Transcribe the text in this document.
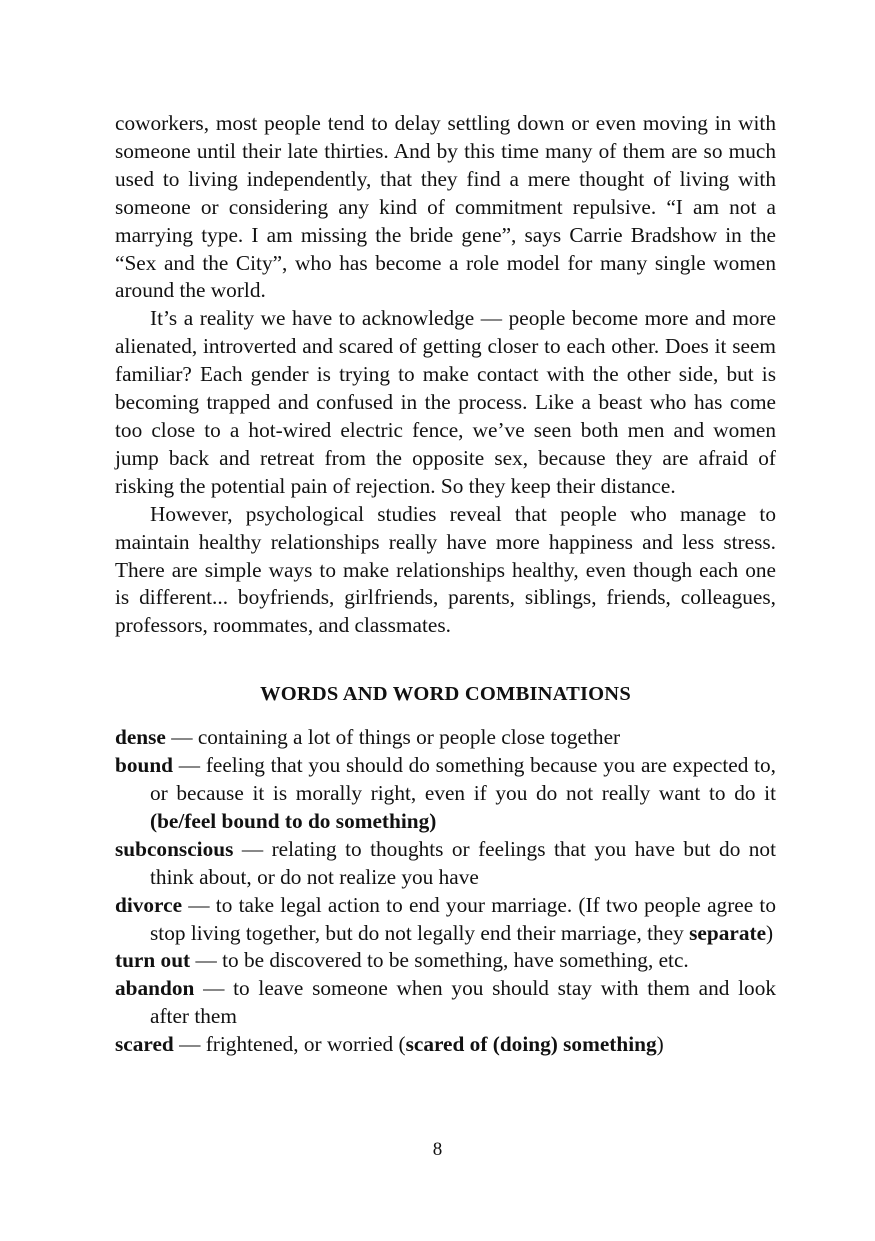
coworkers, most people tend to delay settling down or even moving in with someone until their late thirties. And by this time many of them are so much used to living independently, that they find a mere thought of living with someone or considering any kind of commitment repulsive. “I am not a marrying type. I am missing the bride gene”, says Carrie Bradshow in the “Sex and the City”, who has become a role model for many single women around the world.

It’s a reality we have to acknowledge — people become more and more alienated, introverted and scared of getting closer to each other. Does it seem familiar? Each gender is trying to make contact with the other side, but is becoming trapped and confused in the process. Like a beast who has come too close to a hot-wired electric fence, we’ve seen both men and women jump back and retreat from the opposite sex, because they are afraid of risking the potential pain of rejection. So they keep their distance.

However, psychological studies reveal that people who manage to maintain healthy relationships really have more happiness and less stress. There are simple ways to make relationships healthy, even though each one is different... boyfriends, girlfriends, parents, siblings, friends, colleagues, professors, roommates, and classmates.

WORDS AND WORD COMBINATIONS
dense — containing a lot of things or people close together
bound — feeling that you should do something because you are expected to, or because it is morally right, even if you do not really want to do it (be/feel bound to do something)
subconscious — relating to thoughts or feelings that you have but do not think about, or do not realize you have
divorce — to take legal action to end your marriage. (If two people agree to stop living together, but do not legally end their marriage, they separate)
turn out — to be discovered to be something, have something, etc.
abandon — to leave someone when you should stay with them and look after them
scared — frightened, or worried (scared of (doing) something)
8
